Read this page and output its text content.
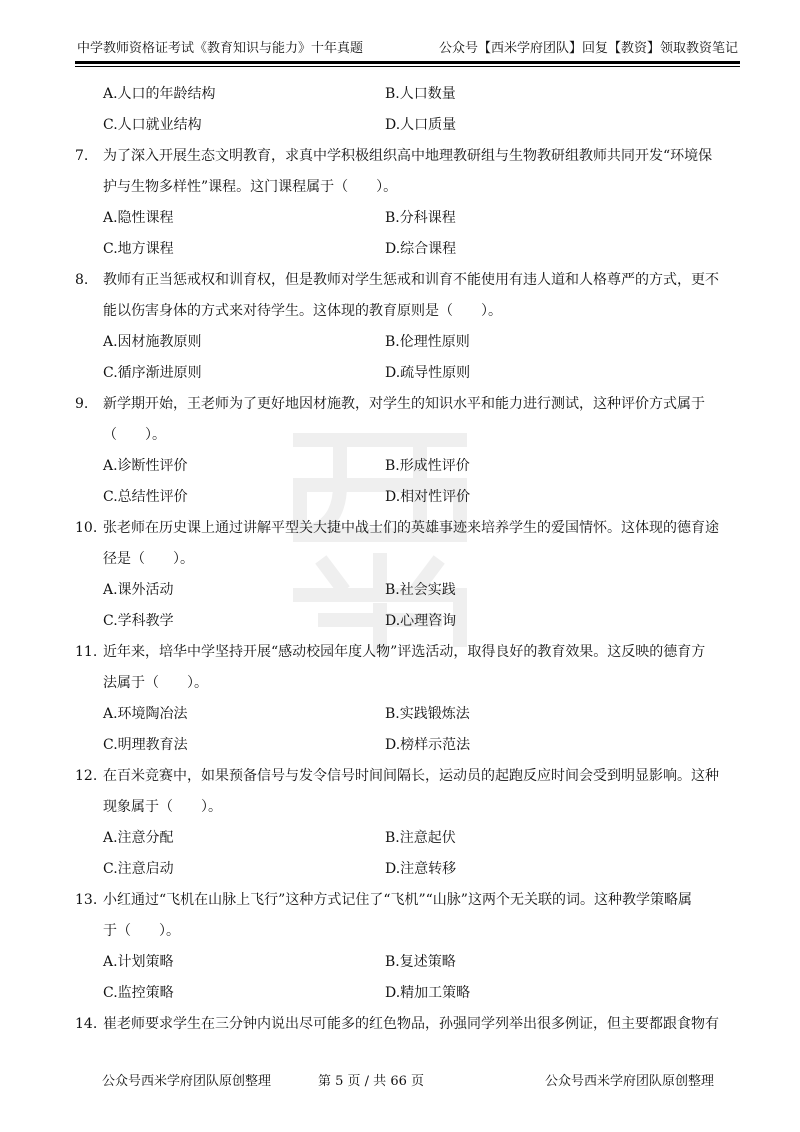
中学教师资格证考试《教育知识与能力》十年真题	公众号【西米学府团队】回复【教资】领取教资笔记
A.人口的年龄结构	B.人口数量
C.人口就业结构	D.人口质量
7.	为了深入开展生态文明教育，求真中学积极组织高中地理教研组与生物教研组教师共同开发“环境保
护与生物多样性”课程。这门课程属于（　　）。
A.隐性课程	B.分科课程
C.地方课程	D.综合课程
8.	教师有正当惩戒权和训育权，但是教师对学生惩戒和训育不能使用有违人道和人格尊严的方式，更不
能以伤害身体的方式来对待学生。这体现的教育原则是（　　）。
A.因材施教原则	B.伦理性原则
C.循序渐进原则	D.疏导性原则
9.	新学期开始，王老师为了更好地因材施教，对学生的知识水平和能力进行测试，这种评价方式属于
（　　）。
A.诊断性评价	B.形成性评价
C.总结性评价	D.相对性评价
10. 张老师在历史课上通过讲解平型关大捷中战士们的英雄事迹来培养学生的爱国情怀。这体现的德育途
径是（　　）。
A.课外活动	B.社会实践
C.学科教学	D.心理咨询
11. 近年来，培华中学坚持开展“感动校园年度人物”评选活动，取得良好的教育效果。这反映的德育方
法属于（　　）。
A.环境陶冶法	B.实践锻炼法
C.明理教育法	D.榜样示范法
12. 在百米竞赛中，如果预备信号与发令信号时间间隔长，运动员的起跑反应时间会受到明显影响。这种
现象属于（　　）。
A.注意分配	B.注意起伏
C.注意启动	D.注意转移
13. 小红通过“飞机在山脉上飞行”这种方式记住了“飞机”“山脉”这两个无关联的词。这种教学策略属
于（　　）。
A.计划策略	B.复述策略
C.监控策略	D.精加工策略
14. 崔老师要求学生在三分钟内说出尽可能多的红色物品，孙强同学列举出很多例证，但主要都跟食物有
公众号西米学府团队原创整理	第 5 页 / 共 66 页	公众号西米学府团队原创整理
